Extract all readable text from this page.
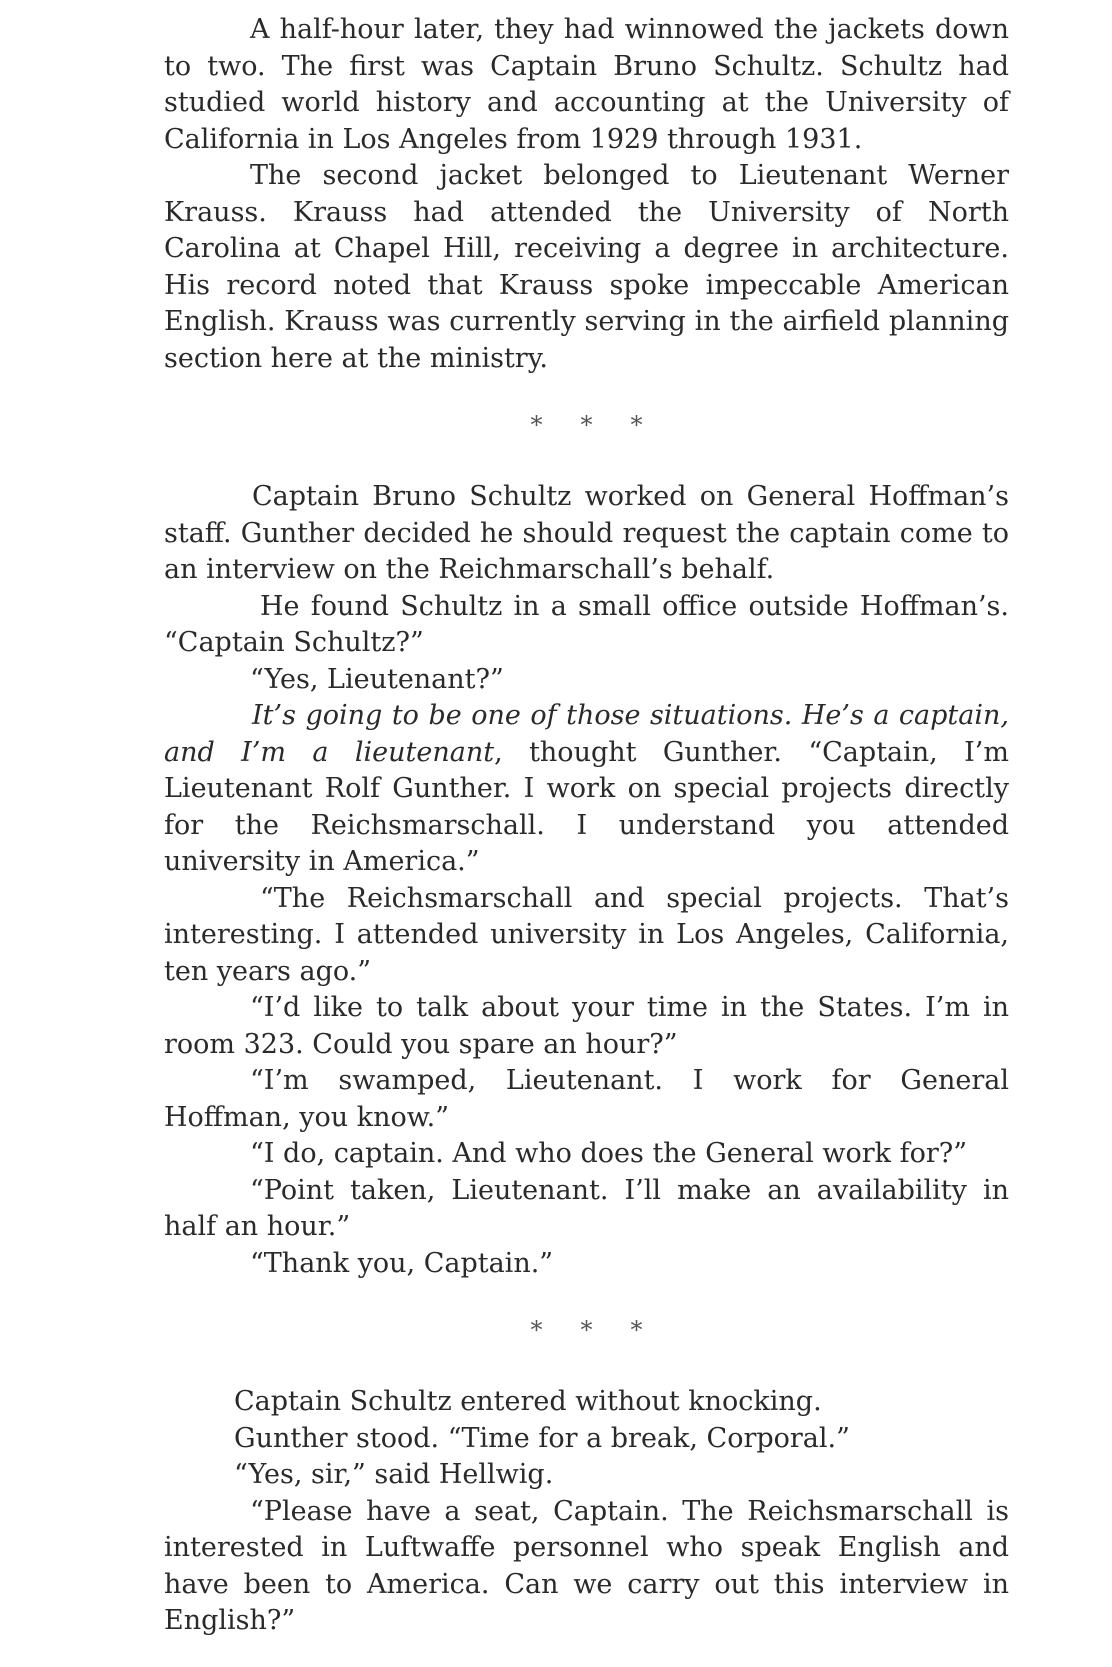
A half-hour later, they had winnowed the jackets down to two. The first was Captain Bruno Schultz. Schultz had studied world history and accounting at the University of California in Los Angeles from 1929 through 1931.

The second jacket belonged to Lieutenant Werner Krauss. Krauss had attended the University of North Carolina at Chapel Hill, receiving a degree in architecture. His record noted that Krauss spoke impeccable American English. Krauss was currently serving in the airfield planning section here at the ministry.

* * *

Captain Bruno Schultz worked on General Hoffman’s staff. Gunther decided he should request the captain come to an interview on the Reichmarschall’s behalf.

He found Schultz in a small office outside Hoffman’s. “Captain Schultz?”

“Yes, Lieutenant?”

It’s going to be one of those situations. He’s a captain, and I’m a lieutenant, thought Gunther. “Captain, I’m Lieutenant Rolf Gunther. I work on special projects directly for the Reichsmarschall. I understand you attended university in America.”

“The Reichsmarschall and special projects. That’s interesting. I attended university in Los Angeles, California, ten years ago.”

“I’d like to talk about your time in the States. I’m in room 323. Could you spare an hour?”

“I’m swamped, Lieutenant. I work for General Hoffman, you know.”

“I do, captain. And who does the General work for?”

“Point taken, Lieutenant. I’ll make an availability in half an hour.”

“Thank you, Captain.”

* * *

Captain Schultz entered without knocking.

Gunther stood. “Time for a break, Corporal.”

“Yes, sir,” said Hellwig.

“Please have a seat, Captain. The Reichsmarschall is interested in Luftwaffe personnel who speak English and have been to America. Can we carry out this interview in English?”
